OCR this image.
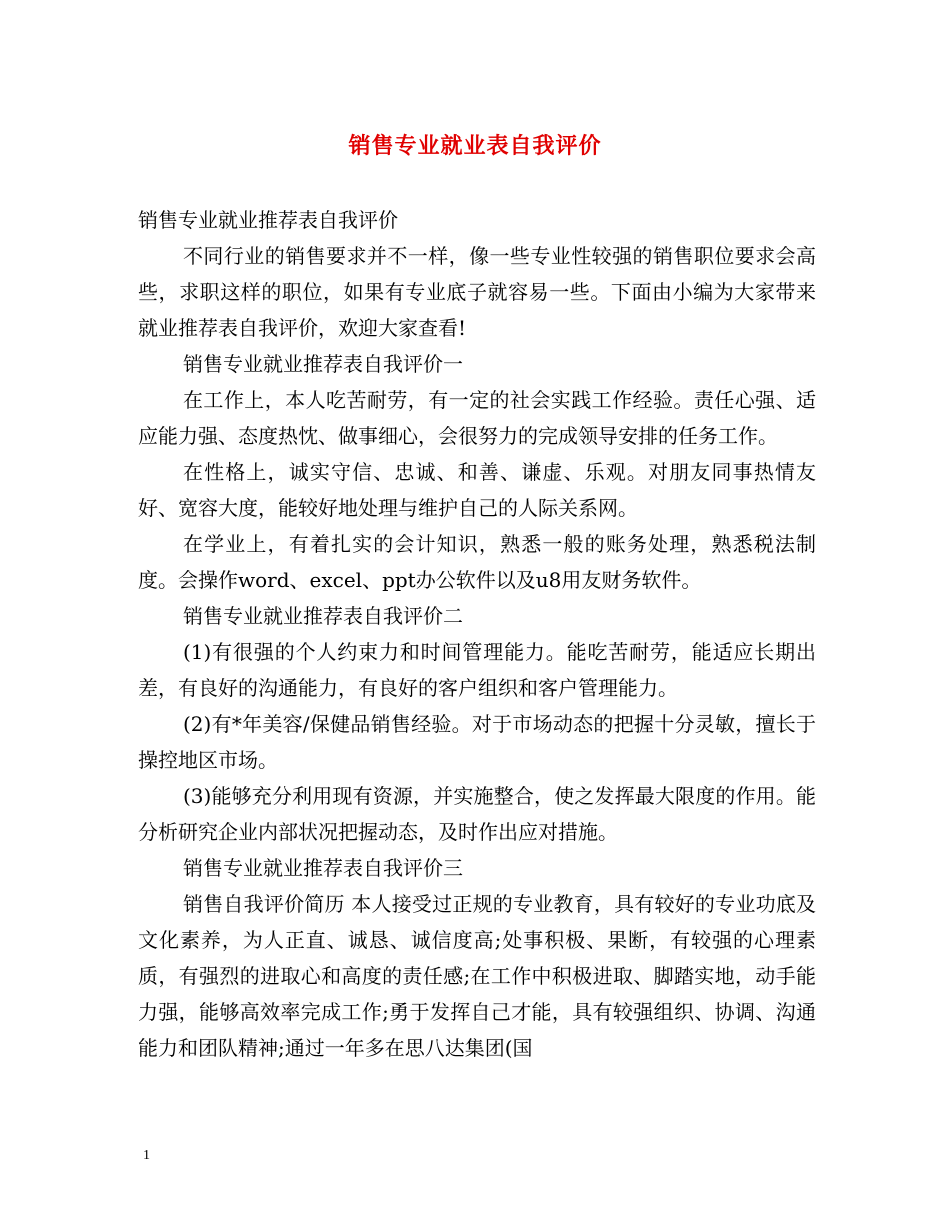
销售专业就业表自我评价

销售专业就业推荐表自我评价

不同行业的销售要求并不一样，像一些专业性较强的销售职位要求会高些，求职这样的职位，如果有专业底子就容易一些。下面由小编为大家带来就业推荐表自我评价，欢迎大家查看!

销售专业就业推荐表自我评价一

在工作上，本人吃苦耐劳，有一定的社会实践工作经验。责任心强、适应能力强、态度热忱、做事细心，会很努力的完成领导安排的任务工作。

在性格上，诚实守信、忠诚、和善、谦虚、乐观。对朋友同事热情友好、宽容大度，能较好地处理与维护自己的人际关系网。

在学业上，有着扎实的会计知识，熟悉一般的账务处理，熟悉税法制度。会操作word、excel、ppt办公软件以及u8用友财务软件。

销售专业就业推荐表自我评价二

(1)有很强的个人约束力和时间管理能力。能吃苦耐劳，能适应长期出差，有良好的沟通能力，有良好的客户组织和客户管理能力。

(2)有*年美容/保健品销售经验。对于市场动态的把握十分灵敏，擅长于操控地区市场。

(3)能够充分利用现有资源，并实施整合，使之发挥最大限度的作用。能分析研究企业内部状况把握动态，及时作出应对措施。

销售专业就业推荐表自我评价三

销售自我评价简历 本人接受过正规的专业教育，具有较好的专业功底及文化素养，为人正直、诚恳、诚信度高;处事积极、果断，有较强的心理素质，有强烈的进取心和高度的责任感;在工作中积极进取、脚踏实地，动手能力强，能够高效率完成工作;勇于发挥自己才能，具有较强组织、协调、沟通能力和团队精神;通过一年多在思八达集团(国

1
